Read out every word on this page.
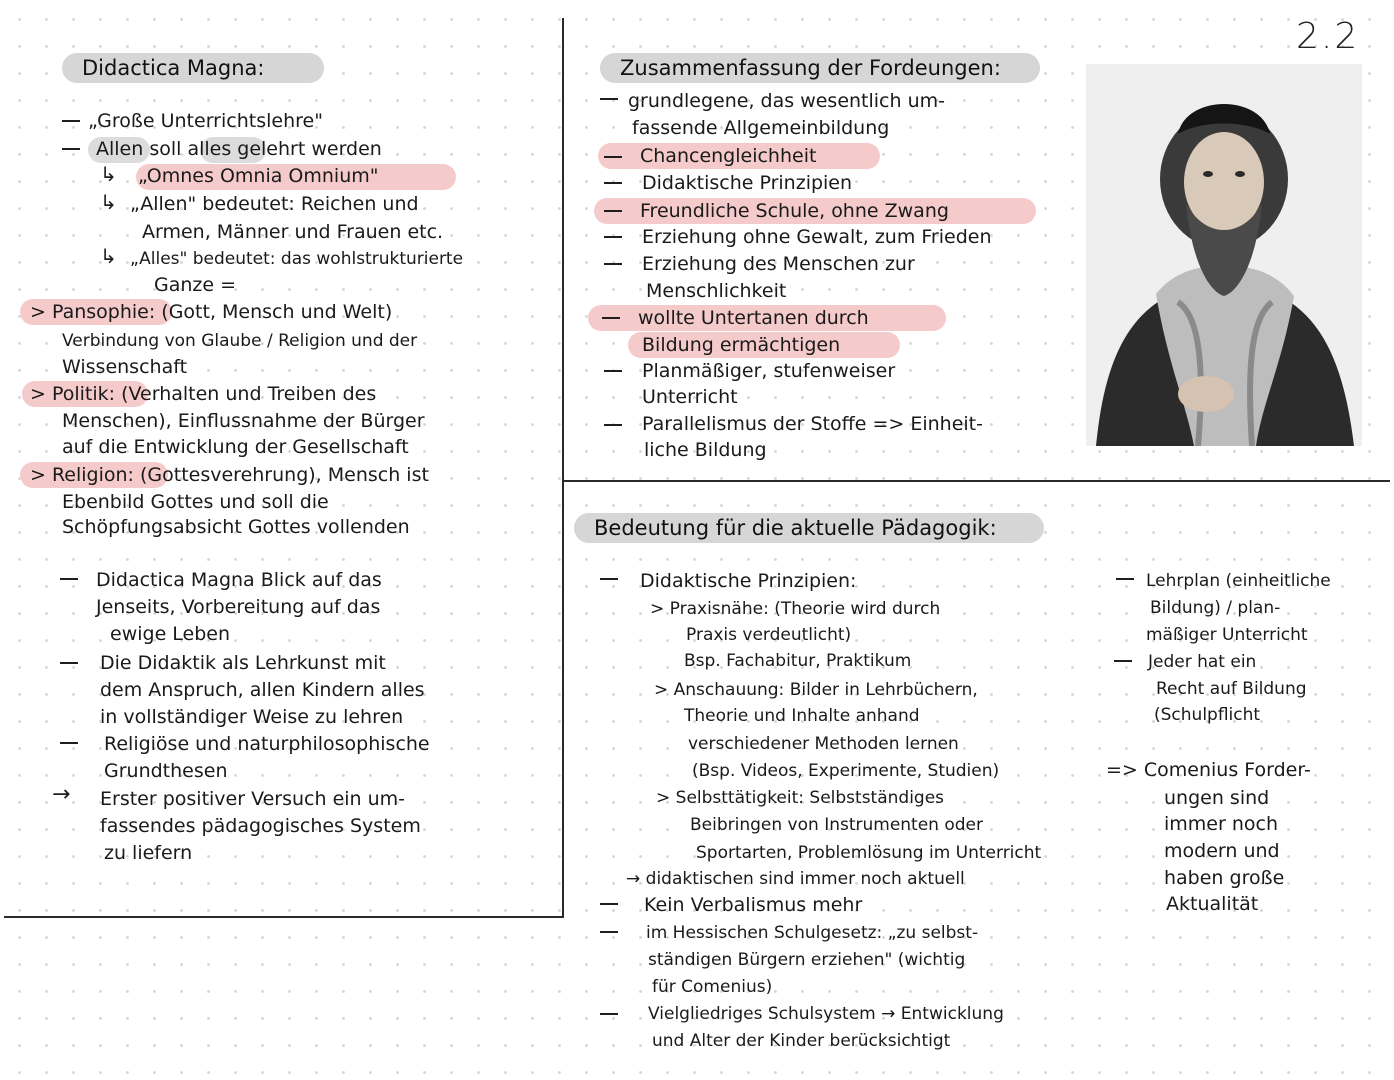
2.2
Didactica Magna:
→
↳
↳
↳
„Große Unterrichtslehre"
Allen soll alles gelehrt werden
„Omnes Omnia Omnium"
„Allen" bedeutet: Reichen und
Armen, Männer und Frauen etc.
„Alles" bedeutet: das wohlstrukturierte
Ganze =
> Pansophie: (Gott, Mensch und Welt)
Verbindung von Glaube / Religion und der
Wissenschaft
> Politik: (Verhalten und Treiben des
Menschen), Einflussnahme der Bürger
auf die Entwicklung der Gesellschaft
> Religion: (Gottesverehrung), Mensch ist
Ebenbild Gottes und soll die
Schöpfungsabsicht Gottes vollenden
Didactica Magna Blick auf das
Jenseits, Vorbereitung auf das
ewige Leben
Die Didaktik als Lehrkunst mit
dem Anspruch, allen Kindern alles
in vollständiger Weise zu lehren
Religiöse und naturphilosophische
Grundthesen
Erster positiver Versuch ein um-
fassendes pädagogisches System
zu liefern
Zusammenfassung der Fordeungen:
grundlegene, das wesentlich um-
fassende Allgemeinbildung
Chancengleichheit
Didaktische Prinzipien
Freundliche Schule, ohne Zwang
Erziehung ohne Gewalt, zum Frieden
Erziehung des Menschen zur
Menschlichkeit
wollte Untertanen durch
Bildung ermächtigen
Planmäßiger, stufenweiser
Unterricht
Parallelismus der Stoffe => Einheit-
liche Bildung
Bedeutung für die aktuelle Pädagogik:
Didaktische Prinzipien:
> Praxisnähe: (Theorie wird durch
Praxis verdeutlicht)
Bsp. Fachabitur, Praktikum
> Anschauung: Bilder in Lehrbüchern,
Theorie und Inhalte anhand
verschiedener Methoden lernen
(Bsp. Videos, Experimente, Studien)
> Selbsttätigkeit: Selbstständiges
Beibringen von Instrumenten oder
Sportarten, Problemlösung im Unterricht
→ didaktischen sind immer noch aktuell
Kein Verbalismus mehr
im Hessischen Schulgesetz: „zu selbst-
ständigen Bürgern erziehen" (wichtig
für Comenius)
Vielgliedriges Schulsystem → Entwicklung
und Alter der Kinder berücksichtigt
Lehrplan (einheitliche
Bildung) / plan-
mäßiger Unterricht
Jeder hat ein
Recht auf Bildung
(Schulpflicht
=> Comenius Forder-
ungen sind
immer noch
modern und
haben große
Aktualität
